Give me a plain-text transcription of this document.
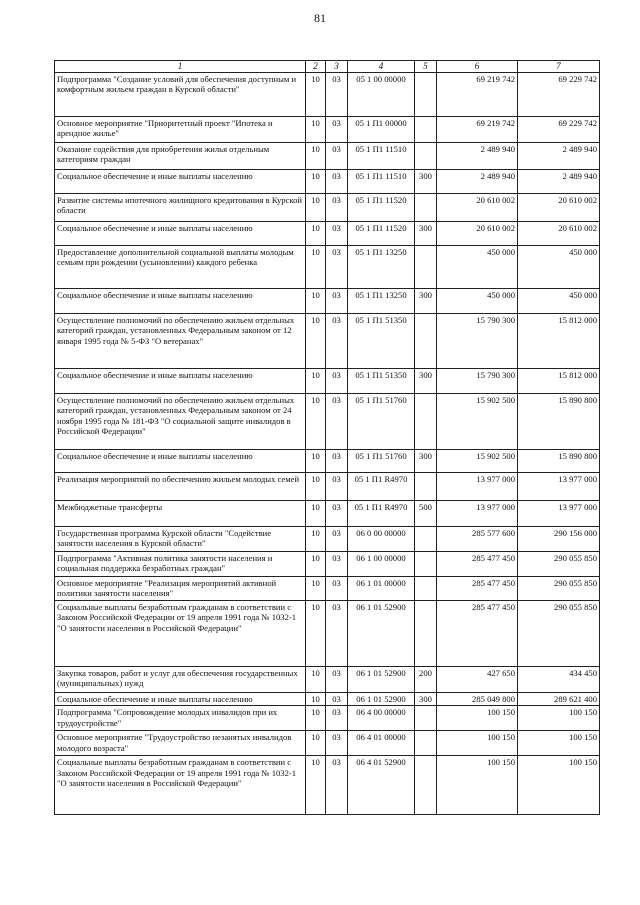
81
1	2	3	4	5	6	7
Подпрограмма "Создание условий для обеспечения доступным и комфортным жильем граждан в Курской области"	10	03	05 1 00 00000		69 219 742	69 229 742
Основное мероприятие "Приоритетный проект "Ипотека и арендное жилье"	10	03	05 1 П1 00000		69 219 742	69 229 742
Оказание содействия для приобретения жилья отдельным категориям граждан	10	03	05 1 П1 11510		2 489 940	2 489 940
Социальное обеспечение и иные выплаты населению	10	03	05 1 П1 11510	300	2 489 940	2 489 940
Развитие системы ипотечного жилищного кредитования в Курской области	10	03	05 1 П1 11520		20 610 002	20 610 002
Социальное обеспечение и иные выплаты населению	10	03	05 1 П1 11520	300	20 610 002	20 610 002
Предоставление дополнительной социальной выплаты молодым семьям при рождении (усыновлении) каждого ребенка	10	03	05 1 П1 13250		450 000	450 000
Социальное обеспечение и иные выплаты населению	10	03	05 1 П1 13250	300	450 000	450 000
Осуществление полномочий по обеспечению жильем отдельных категорий граждан, установленных Федеральным законом от 12 января 1995 года № 5-ФЗ "О ветеранах"	10	03	05 1 П1 51350		15 790 300	15 812 000
Социальное обеспечение и иные выплаты населению	10	03	05 1 П1 51350	300	15 790 300	15 812 000
Осуществление полномочий по обеспечению жильем отдельных категорий граждан, установленных Федеральным законом от 24 ноября 1995 года № 181-ФЗ "О социальной защите инвалидов в Российской Федерации"	10	03	05 1 П1 51760		15 902 500	15 890 800
Социальное обеспечение и иные выплаты населению	10	03	05 1 П1 51760	300	15 902 500	15 890 800
Реализация мероприятий по обеспечению жильем молодых семей	10	03	05 1 П1 R4970		13 977 000	13 977 000
Межбюджетные трансферты	10	03	05 1 П1 R4970	500	13 977 000	13 977 000
Государственная программа Курской области "Содействие занятости населения в Курской области"	10	03	06 0 00 00000		285 577 600	290 156 000
Подпрограмма "Активная политика занятости населения и социальная поддержка безработных граждан"	10	03	06 1 00 00000		285 477 450	290 055 850
Основное мероприятие "Реализация мероприятий активной политики занятости населения"	10	03	06 1 01 00000		285 477 450	290 055 850
Социальные выплаты безработным гражданам в соответствии с Законом Российской Федерации от 19 апреля 1991 года № 1032-1 "О занятости населения в Российской Федерации"	10	03	06 1 01 52900		285 477 450	290 055 850
Закупка товаров, работ и услуг для обеспечения государственных (муниципальных) нужд	10	03	06 1 01 52900	200	427 650	434 450
Социальное обеспечение и иные выплаты населению	10	03	06 1 01 52900	300	285 049 800	289 621 400
Подпрограмма "Сопровождение молодых инвалидов при их трудоустройстве"	10	03	06 4 00 00000		100 150	100 150
Основное мероприятие "Трудоустройство незанятых инвалидов молодого возраста"	10	03	06 4 01 00000		100 150	100 150
Социальные выплаты безработным гражданам в соответствии с Законом Российской Федерации от 19 апреля 1991 года № 1032-1 "О занятости населения в Российской Федерации"	10	03	06 4 01 52900		100 150	100 150
